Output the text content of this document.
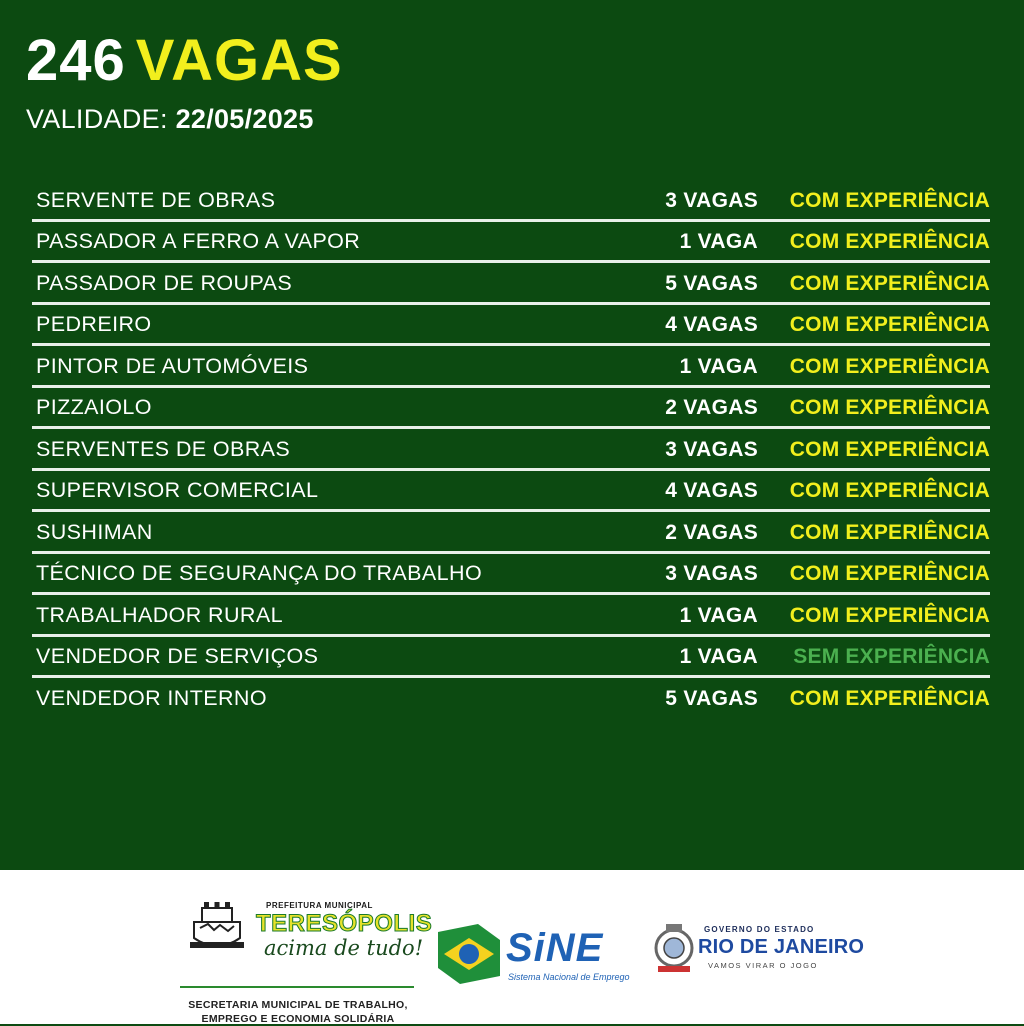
246 VAGAS
VALIDADE: 22/05/2025
SERVENTE DE OBRAS	3 VAGAS COM EXPERIÊNCIA
PASSADOR A FERRO A VAPOR	1 VAGA COM EXPERIÊNCIA
PASSADOR DE ROUPAS	5 VAGAS COM EXPERIÊNCIA
PEDREIRO	4 VAGAS COM EXPERIÊNCIA
PINTOR DE AUTOMÓVEIS	1 VAGA COM EXPERIÊNCIA
PIZZAIOLO	2 VAGAS COM EXPERIÊNCIA
SERVENTES DE OBRAS	3 VAGAS COM EXPERIÊNCIA
SUPERVISOR COMERCIAL	4 VAGAS COM EXPERIÊNCIA
SUSHIMAN	2 VAGAS COM EXPERIÊNCIA
TÉCNICO DE SEGURANÇA DO TRABALHO	3 VAGAS COM EXPERIÊNCIA
TRABALHADOR RURAL	1 VAGA COM EXPERIÊNCIA
VENDEDOR DE SERVIÇOS	1 VAGA SEM EXPERIÊNCIA
VENDEDOR INTERNO	5 VAGAS COM EXPERIÊNCIA
PREFEITURA MUNICIPAL
TERESÓPOLIS
acima de tudo!
SECRETARIA MUNICIPAL DE TRABALHO,
EMPREGO E ECONOMIA SOLIDÁRIA
SiNE
Sistema Nacional de Emprego
GOVERNO DO ESTADO
RIO DE JANEIRO
VAMOS VIRAR O JOGO
